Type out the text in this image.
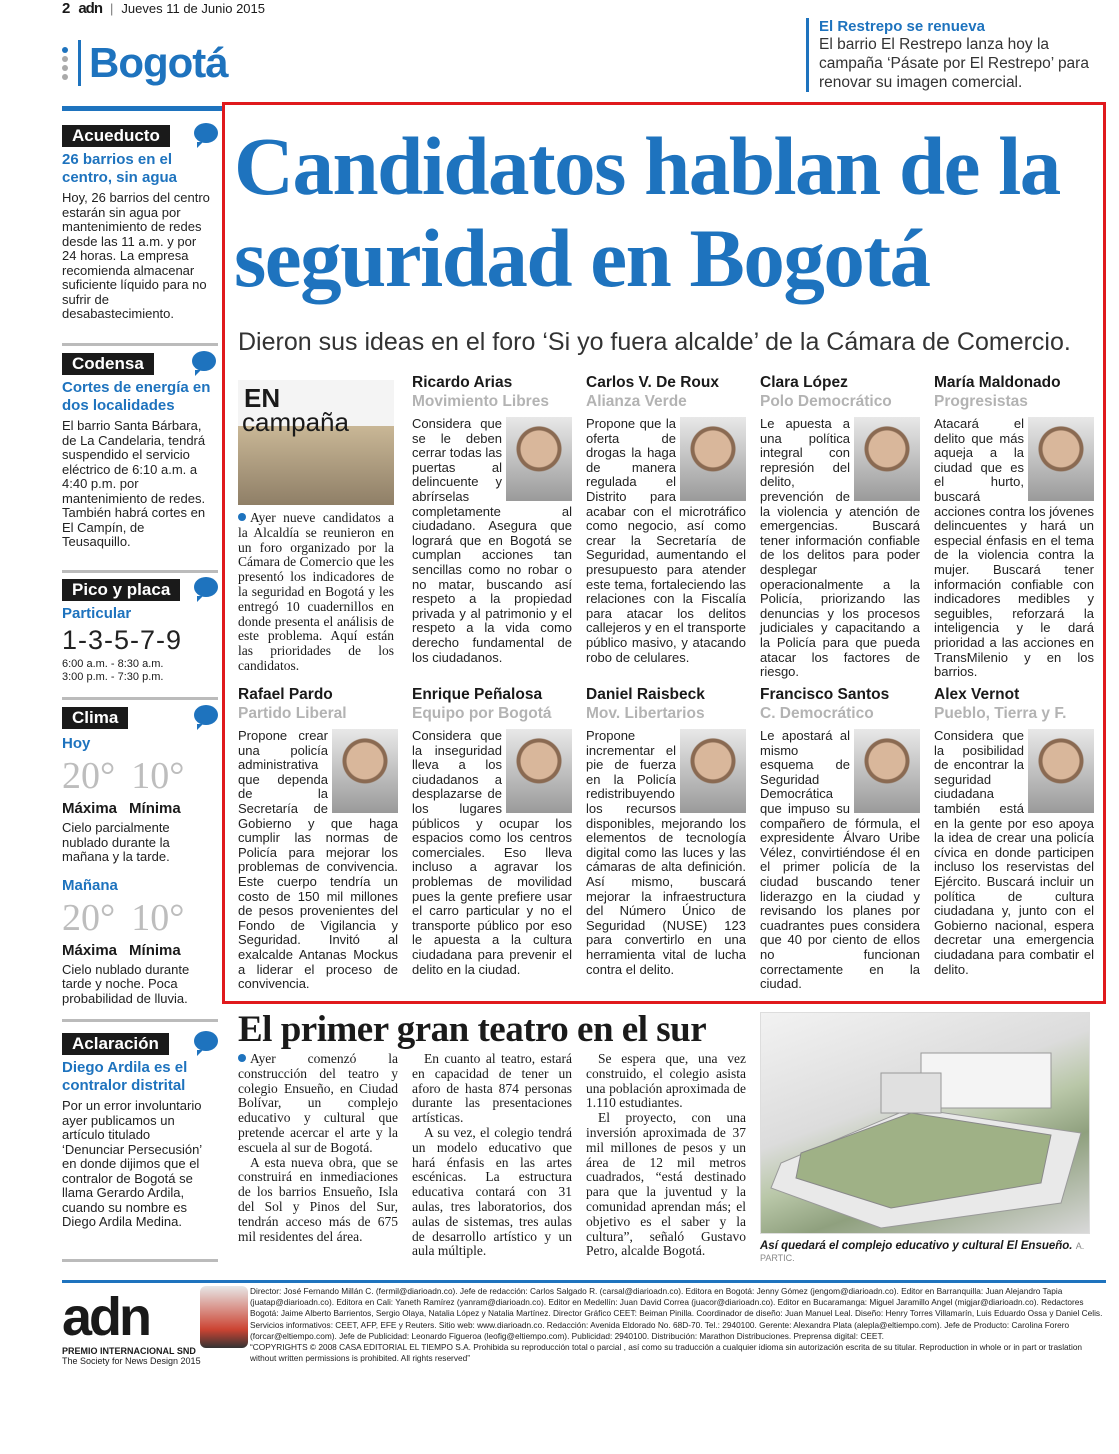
2 adn | Jueves 11 de Junio 2015
Bogotá
El Restrepo se renueva
El barrio El Restrepo lanza hoy la campaña ‘Pásate por El Restrepo’ para renovar su imagen comercial.
Acueducto
26 barrios en el centro, sin agua
Hoy, 26 barrios del centro estarán sin agua por mantenimiento de redes desde las 11 a.m. y por 24 horas. La empresa recomienda almacenar suficiente líquido para no sufrir de desabastecimiento.
Codensa
Cortes de energía en dos localidades
El barrio Santa Bárbara, de La Candelaria, tendrá suspendido el servicio eléctrico de 6:10 a.m. a 4:40 p.m. por mantenimiento de redes. También habrá cortes en El Campín, de Teusaquillo.
Pico y placa
Particular
1-3-5-7-9
6:00 a.m. - 8:30 a.m.
3:00 p.m. - 7:30 p.m.
Clima
Hoy
20° 10°
Máxima Mínima
Cielo parcialmente nublado durante la mañana y la tarde.
Mañana
20° 10°
Máxima Mínima
Cielo nublado durante tarde y noche. Poca probabilidad de lluvia.
Aclaración
Diego Ardila es el contralor distrital
Por un error involuntario ayer publicamos un artículo titulado ‘Denunciar Persecusión’ en donde dijimos que el contralor de Bogotá se llama Gerardo Ardila, cuando su nombre es Diego Ardila Medina.
Candidatos hablan de la seguridad en Bogotá
Dieron sus ideas en el foro ‘Si yo fuera alcalde’ de la Cámara de Comercio.
EN
campaña
Ayer nueve candidatos a la Alcaldía se reunieron en un foro organizado por la Cámara de Comercio que les presentó los indicadores de la seguridad en Bogotá y les entregó 10 cuadernillos en donde presenta el análisis de este problema. Aquí están las prioridades de los candidatos.
Ricardo Arias
Movimiento Libres
Considera que se le deben cerrar todas las puertas al delincuente y abrírselas completamente al ciudadano. Asegura que logrará que en Bogotá se cumplan acciones tan sencillas como no robar o no matar, buscando así respeto a la propiedad privada y al patrimonio y el respeto a la vida como derecho fundamental de los ciudadanos.
Carlos V. De Roux
Alianza Verde
Propone que la oferta de drogas la haga de manera regulada el Distrito para acabar con el microtráfico como negocio, así como crear la Secretaría de Seguridad, aumentando el presupuesto para atender este tema, fortaleciendo las relaciones con la Fiscalía para atacar los delitos callejeros y en el transporte público masivo, y atacando robo de celulares.
Clara López
Polo Democrático
Le apuesta a una política integral con represión del delito, prevención de la violencia y atención de emergencias. Buscará tener información confiable de los delitos para poder desplegar operacionalmente a la Policía, priorizando las denuncias y los procesos judiciales y capacitando a la Policía para que pueda atacar los factores de riesgo.
María Maldonado
Progresistas
Atacará el delito que más aqueja a la ciudad que es el hurto, buscará acciones contra los jóvenes delincuentes y hará un especial énfasis en el tema de la violencia contra la mujer. Buscará tener información confiable con indicadores medibles y seguibles, reforzará la inteligencia y le dará prioridad a las acciones en TransMilenio y en los barrios.
Rafael Pardo
Partido Liberal
Propone crear una policía administrativa que dependa de la Secretaría de Gobierno y que haga cumplir las normas de Policía para mejorar los problemas de convivencia. Este cuerpo tendría un costo de 150 mil millones de pesos provenientes del Fondo de Vigilancia y Seguridad. Invitó al exalcalde Antanas Mockus a liderar el proceso de convivencia.
Enrique Peñalosa
Equipo por Bogotá
Considera que la inseguridad lleva a los ciudadanos a desplazarse de los lugares públicos y ocupar los espacios como los centros comerciales. Eso lleva incluso a agravar los problemas de movilidad pues la gente prefiere usar el carro particular y no el transporte público por eso le apuesta a la cultura ciudadana para prevenir el delito en la ciudad.
Daniel Raisbeck
Mov. Libertarios
Propone incrementar el pie de fuerza en la Policía redistribuyendo los recursos disponibles, mejorando los elementos de tecnología digital como las luces y las cámaras de alta definición. Así mismo, buscará mejorar la infraestructura del Número Único de Seguridad (NUSE) 123 para convertirlo en una herramienta vital de lucha contra el delito.
Francisco Santos
C. Democrático
Le apostará al mismo esquema de Seguridad Democrática que impuso su compañero de fórmula, el expresidente Álvaro Uribe Vélez, convirtiéndose él en el primer policía de la ciudad buscando tener liderazgo en la ciudad y revisando los planes por cuadrantes pues considera que 40 por ciento de ellos no funcionan correctamente en la ciudad.
Alex Vernot
Pueblo, Tierra y F.
Considera que la posibilidad de encontrar la seguridad ciudadana también está en la gente por eso apoya la idea de crear una policía cívica en donde participen incluso los reservistas del Ejército. Buscará incluir un política de cultura ciudadana y, junto con el Gobierno nacional, espera decretar una emergencia ciudadana para combatir el delito.
El primer gran teatro en el sur

Ayer comenzó la construcción del teatro y colegio Ensueño, en Ciudad Bolívar, un complejo educativo y cultural que pretende acercar el arte y la escuela al sur de Bogotá.

A esta nueva obra, que se construirá en inmediaciones de los barrios Ensueño, Isla del Sol y Pinos del Sur, tendrán acceso más de 675 mil residentes del área.

En cuanto al teatro, estará en capacidad de tener un aforo de hasta 874 personas durante las presentaciones artísticas.

A su vez, el colegio tendrá un modelo educativo que hará énfasis en las artes escénicas. La estructura educativa contará con 31 aulas, tres laboratorios, dos aulas de sistemas, tres aulas de desarrollo artístico y un aula múltiple.

Se espera que, una vez construido, el colegio asista una población aproximada de 1.110 estudiantes.

El proyecto, con una inversión aproximada de 37 mil millones de pesos y un área de 12 mil metros cuadrados, “está destinado para que la juventud y la comunidad aprendan más; el objetivo es el saber y la cultura”, señaló Gustavo Petro, alcalde Bogotá.	Así quedará el complejo educativo y cultural El Ensueño. A. PARTIC.
adn
PREMIO INTERNACIONAL SND
The Society for News Design 2015
Director: José Fernando Millán C. (fermil@diarioadn.co). Jefe de redacción: Carlos Salgado R. (carsal@diarioadn.co). Editora en Bogotá: Jenny Gómez (jengom@diarioadn.co). Editor en Barranquilla: Juan Alejandro Tapia (juatap@diarioadn.co). Editora en Cali: Yaneth Ramírez (yanram@diarioadn.co). Editor en Medellín: Juan David Correa (juacor@diarioadn.co). Editor en Bucaramanga: Miguel Jaramillo Angel (migjar@diarioadn.co). Redactores Bogotá: Jaime Alberto Barrientos, Sergio Olaya, Natalia López y Natalia Martínez. Director Gráfico CEET: Beiman Pinilla. Coordinador de diseño: Juan Manuel Leal. Diseño: Henry Torres Villamarín, Luis Eduardo Ossa y Daniel Celis. Servicios informativos: CEET, AFP, EFE y Reuters. Sitio web: www.diarioadn.co. Redacción: Avenida Eldorado No. 68D-70. Tel.: 2940100. Gerente: Alexandra Plata (alepla@eltiempo.com). Jefe de Producto: Carolina Forero (forcar@eltiempo.com). Jefe de Publicidad: Leonardo Figueroa (leofig@eltiempo.com). Publicidad: 2940100. Distribución: Marathon Distribuciones. Preprensa digital: CEET.
“COPYRIGHTS © 2008 CASA EDITORIAL EL TIEMPO S.A. Prohibida su reproducción total o parcial , así como su traducción a cualquier idioma sin autorización escrita de su titular. Reproduction in whole or in part or traslation without written permissions is prohibited. All rights reserved”
